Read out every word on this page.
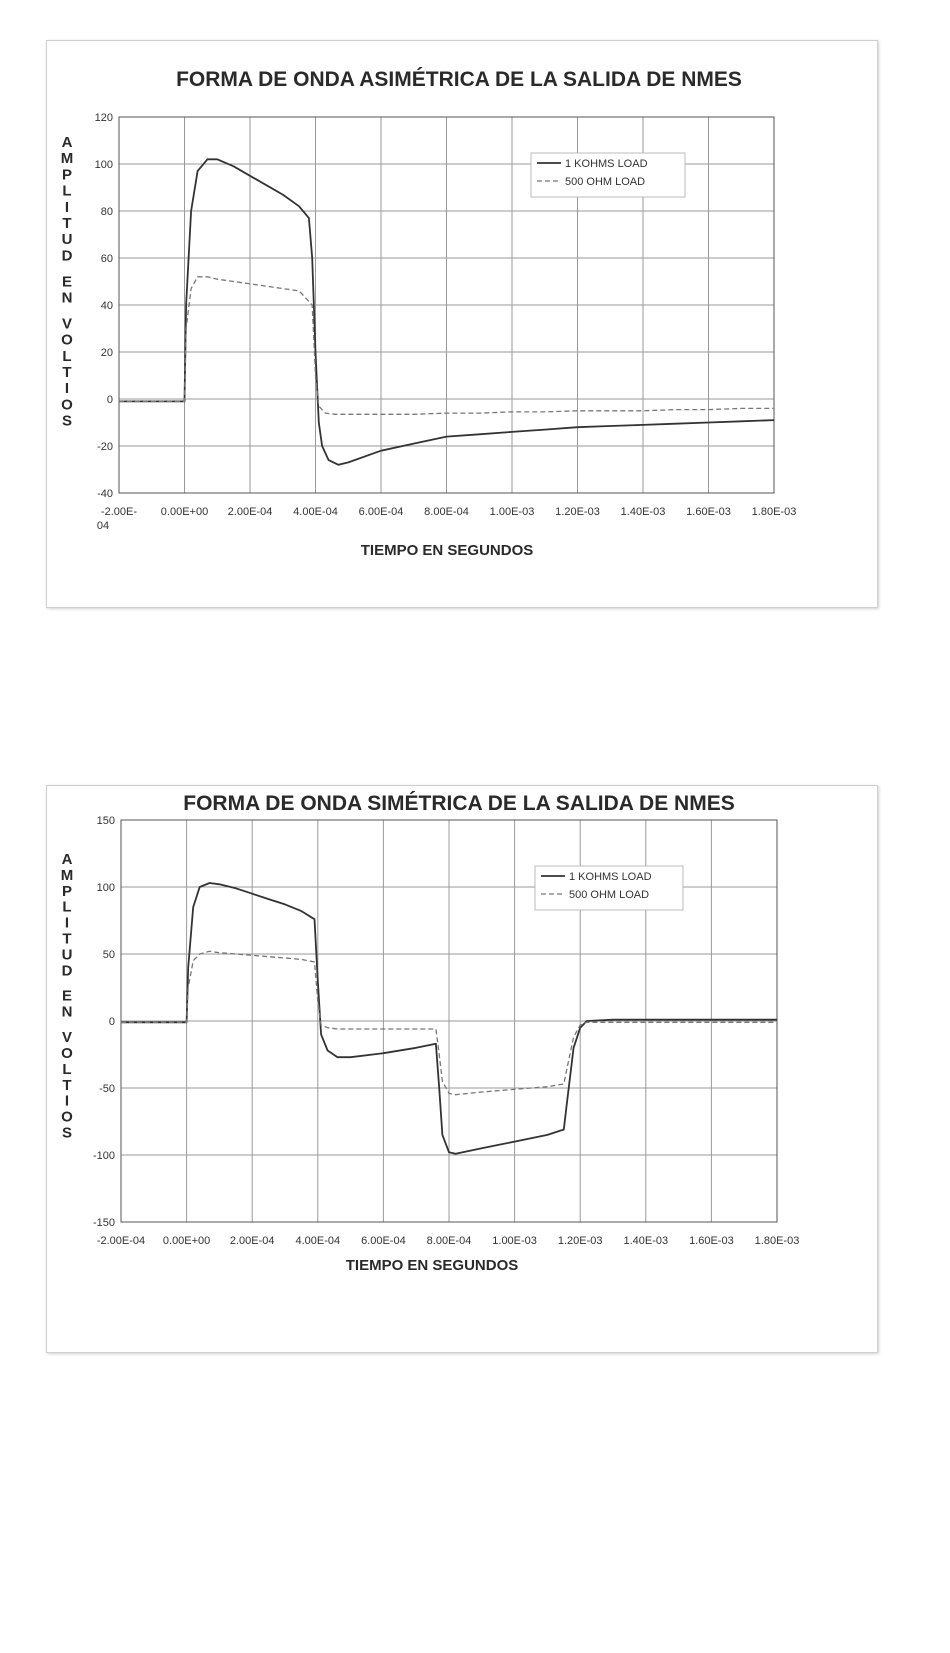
FORMA DE ONDA ASIMÉTRICA DE LA SALIDA DE NMES
-40
-20
0
20
40
60
80
100
120
-2.00E-04
0.00E+00 2.00E-04 4.00E-04 6.00E-04 8.00E-04 1.00E-03 1.20E-03 1.40E-03 1.60E-03 1.80E-03
A
M
P
L
I
T
U
D
E
N
V
O
L
T
I
O
S
TIEMPO EN SEGUNDOS
1 KOHMS LOAD
500 OHM LOAD
FORMA DE ONDA SIMÉTRICA DE LA SALIDA DE NMES
-150
-100
-50
0
50
100
150
-2.00E-04 0.00E+00 2.00E-04 4.00E-04 6.00E-04 8.00E-04 1.00E-03 1.20E-03 1.40E-03 1.60E-03 1.80E-03
A
M
P
L
I
T
U
D
E
N
V
O
L
T
I
O
S
TIEMPO EN SEGUNDOS
1 KOHMS LOAD
500 OHM LOAD
